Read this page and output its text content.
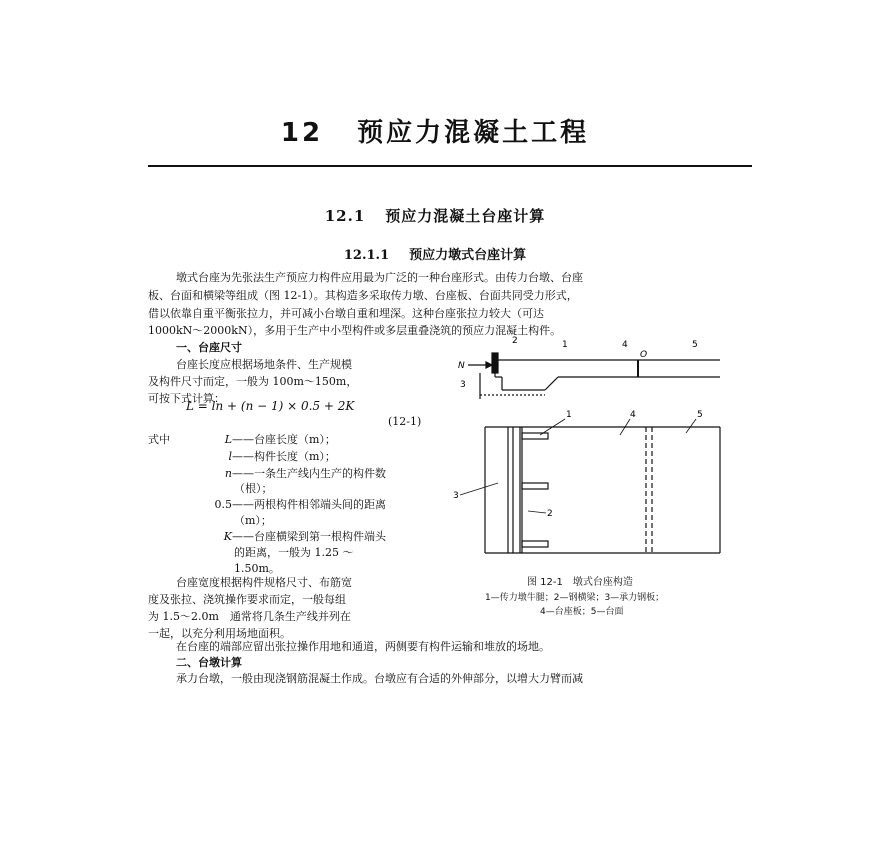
12 预应力混凝土工程
12.1 预应力混凝土台座计算
12.1.1 预应力墩式台座计算
墩式台座为先张法生产预应力构件应用最为广泛的一种台座形式。由传力台墩、台座
板、台面和横梁等组成（图 12-1）。其构造多采取传力墩、台座板、台面共同受力形式，
借以依靠自重平衡张拉力，并可减小台墩自重和埋深。这种台座张拉力较大（可达
1000kN～2000kN），多用于生产中小型构件或多层重叠浇筑的预应力混凝土构件。
一、台座尺寸
台座长度应根据场地条件、生产规模
及构件尺寸而定，一般为 100m～150m，
可按下式计算：
L = ln + (n − 1) × 0.5 + 2K
(12-1)
式中	L ——台座长度（m）；
l ——构件长度（m）；
n ——一条生产线内生产的构件数
（根）；
0.5 ——两根构件相邻端头间的距离
（m）；
K ——台座横梁到第一根构件端头
的距离，一般为 1.25 ～
1.50m。
台座宽度根据构件规格尺寸、布筋宽
度及张拉、浇筑操作要求而定，一般每组
为 1.5～2.0m　通常将几条生产线并列在
一起，以充分利用场地面积。
在台座的端部应留出张拉操作用地和通道，两侧要有构件运输和堆放的场地。
二、台墩计算
承力台墩，一般由现浇钢筋混凝土作成。台墩应有合适的外伸部分，以增大力臂而减
N
O
1
2
3
4	5
1
2
3
4	5
图 12-1　墩式台座构造
1—传力墩牛腿；2—钢横梁；3—承力钢板；
4—台座板；5—台面
